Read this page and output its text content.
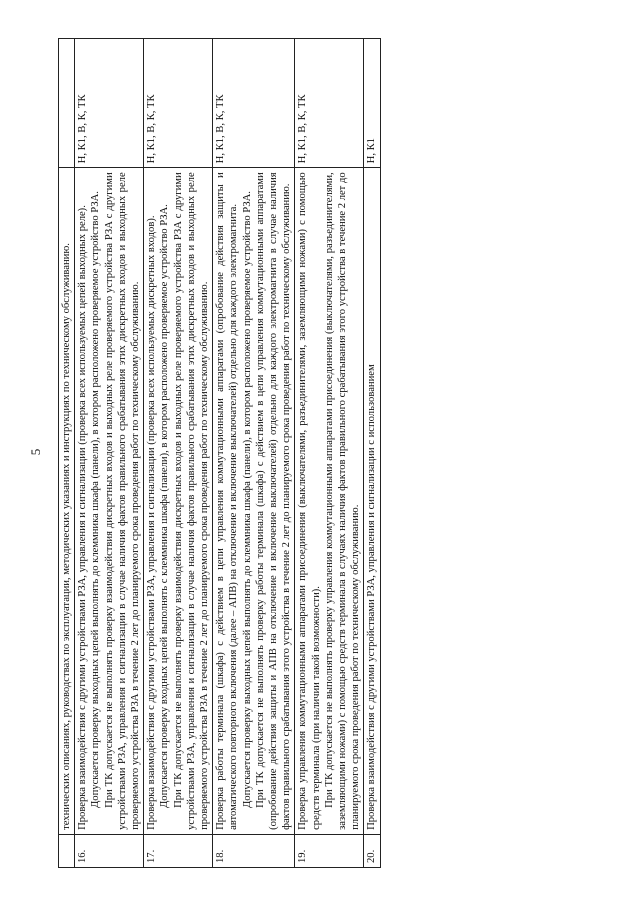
5

	технических описаниях, руководствах по эксплуатации, методических указаниях и инструкциях по техническому обслуживанию.	

16.	Проверка взаимодействия с другими устройствами РЗА, управления и сигнализации (проверка всех используемых цепей выходных реле). Допускается проверку выходных цепей выполнять до клеммника шкафа (панели), в котором расположено проверяемое устройство РЗА. При ТК допускается не выполнять проверку взаимодействия дискретных входов и выходных реле проверяемого устройства РЗА с другими устройствами РЗА, управления и сигнализации в случае наличия фактов правильного срабатывания этих дискретных входов и выходных реле проверяемого устройства РЗА в течение 2 лет до планируемого срока проведения работ по техническому обслуживанию.	Н, К1, В, К, ТК
17.	Проверка взаимодействия с другими устройствами РЗА, управления и сигнализации (проверка всех используемых дискретных входов). Допускается проверку входных цепей выполнять с клеммника шкафа (панели), в котором расположено проверяемое устройство РЗА. При ТК допускается не выполнять проверку взаимодействия дискретных входов и выходных реле проверяемого устройства РЗА с другими устройствами РЗА, управления и сигнализации в случае наличия фактов правильного срабатывания этих дискретных входов и выходных реле проверяемого устройства РЗА в течение 2 лет до планируемого срока проведения работ по техническому обслуживанию.	Н, К1, В, К, ТК
18.	Проверка работы терминала (шкафа) с действием в цепи управления коммутационными аппаратами (опробование действия защиты и автоматического повторного включения (далее – АПВ) на отключение и включение выключателей) отдельно для каждого электромагнита. Допускается проверку выходных цепей выполнять до клеммника шкафа (панели), в котором расположено проверяемое устройство РЗА. При ТК допускается не выполнять проверку работы терминала (шкафа) с действием в цепи управления коммутационными аппаратами (опробование действия защиты и АПВ на отключение и включение выключателей) отдельно для каждого электромагнита в случае наличия фактов правильного срабатывания этого устройства в течение 2 лет до планируемого срока проведения работ по техническому обслуживанию.	Н, К1, В, К, ТК
19.	Проверка управления коммутационными аппаратами присоединения (выключателями, разъединителями, заземляющими ножами) с помощью средств терминала (при наличии такой возможности). При ТК допускается не выполнять проверку управления коммутационными аппаратами присоединения (выключателями, разъединителями, заземляющими ножами) с помощью средств терминала в случаях наличия фактов правильного срабатывания этого устройства в течение 2 лет до планируемого срока проведения работ по техническому обслуживанию.	Н, К1, В, К, ТК
20.	Проверка взаимодействия с другими устройствами РЗА, управления и сигнализации с использованием	Н, К1
